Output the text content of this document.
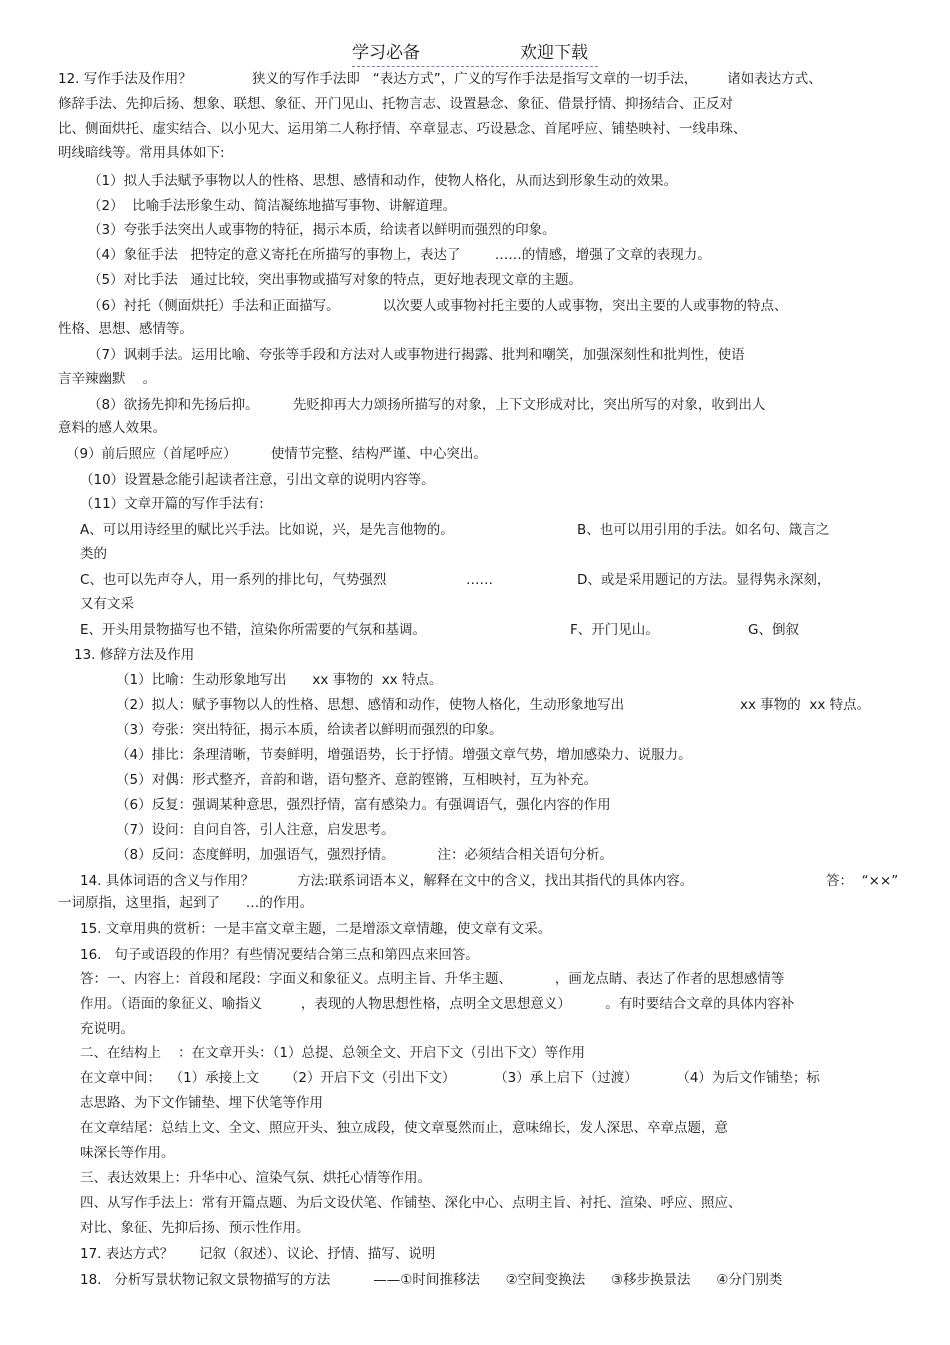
学习必备	欢迎下载
12. 写作手法及作用？              狭义的写作手法即   “表达方式”，广义的写作手法是指写文章的一切手法，       诸如表达方式、
修辞手法、先抑后扬、想象、联想、象征、开门见山、托物言志、设置悬念、象征、借景抒情、抑扬结合、正反对
比、侧面烘托、虚实结合、以小见大、运用第二人称抒情、卒章显志、巧设悬念、首尾呼应、铺垫映衬、一线串珠、
明线暗线等。常用具体如下:
（1）拟人手法赋予事物以人的性格、思想、感情和动作，使物人格化，从而达到形象生动的效果。
（2）  比喻手法形象生动、简洁凝练地描写事物、讲解道理。
（3）夸张手法突出人或事物的特征，揭示本质，给读者以鲜明而强烈的印象。
（4）象征手法   把特定的意义寄托在所描写的事物上，表达了        ……的情感，增强了文章的表现力。
（5）对比手法   通过比较，突出事物或描写对象的特点，更好地表现文章的主题。
（6）衬托（侧面烘托）手法和正面描写。          以次要人或事物衬托主要的人或事物，突出主要的人或事物的特点、
性格、思想、感情等。
（7）讽刺手法。运用比喻、夸张等手段和方法对人或事物进行揭露、批判和嘲笑，加强深刻性和批判性，使语
言辛辣幽默    。
（8）欲扬先抑和先扬后抑。        先贬抑再大力颂扬所描写的对象，上下文形成对比，突出所写的对象，收到出人
意料的感人效果。
（9）前后照应（首尾呼应）        使情节完整、结构严谨、中心突出。
（10）设置悬念能引起读者注意，引出文章的说明内容等。
（11）文章开篇的写作手法有:
A、可以用诗经里的赋比兴手法。比如说，兴，是先言他物的。	B、也可以用引用的手法。如名句、箴言之
类的
C、也可以先声夺人，用一系列的排比句，气势强烈	……	D、或是采用题记的方法。显得隽永深刻，
又有文采
E、开头用景物描写也不错，渲染你所需要的气氛和基调。	F、开门见山。	G、倒叙
13. 修辞方法及作用
（1）比喻：生动形象地写出      xx 事物的  xx 特点。
（2）拟人：赋予事物以人的性格、思想、感情和动作，使物人格化，生动形象地写出	xx 事物的  xx 特点。
（3）夸张：突出特征，揭示本质，给读者以鲜明而强烈的印象。
（4）排比：条理清晰，节奏鲜明，增强语势，长于抒情。增强文章气势，增加感染力、说服力。
（5）对偶：形式整齐，音韵和谐，语句整齐、意韵铿锵，互相映衬，互为补充。
（6）反复：强调某种意思，强烈抒情，富有感染力。有强调语气，强化内容的作用
（7）设问：自问自答，引人注意，启发思考。
（8）反问：态度鲜明，加强语气，强烈抒情。          注：必须结合相关语句分析。
14. 具体词语的含义与作用？          方法:联系词语本义，解释在文中的含义，找出其指代的具体内容。	答：  “××”
一词原指，这里指，起到了      …的作用。
15. 文章用典的赏析：一是丰富文章主题，二是增添文章情趣，使文章有文采。
16.   句子或语段的作用？有些情况要结合第三点和第四点来回答。
答：一、内容上：首段和尾段：字面义和象征义。点明主旨、升华主题、          ，画龙点睛、表达了作者的思想感情等
作用。（语面的象征义、喻指义         ，表现的人物思想性格，点明全文思想意义）        。有时要结合文章的具体内容补
充说明。
二、在结构上    ：在文章开头：（1）总提、总领全文、开启下文（引出下文）等作用
在文章中间：  （1）承接上文      （2）开启下文（引出下文）         （3）承上启下（过渡）         （4）为后文作铺垫；标
志思路、为下文作铺垫、埋下伏笔等作用
在文章结尾：总结上文、全文、照应开头、独立成段，使文章戛然而止，意味绵长，发人深思、卒章点题，意
味深长等作用。
三、表达效果上：升华中心、渲染气氛、烘托心情等作用。
四、从写作手法上：常有开篇点题、为后文设伏笔、作铺垫、深化中心、点明主旨、衬托、渲染、呼应、照应、
对比、象征、先抑后扬、预示性作用。
17. 表达方式？      记叙（叙述）、议论、抒情、描写、说明
18.   分析写景状物记叙文景物描写的方法          ——①时间推移法      ②空间变换法      ③移步换景法      ④分门别类
